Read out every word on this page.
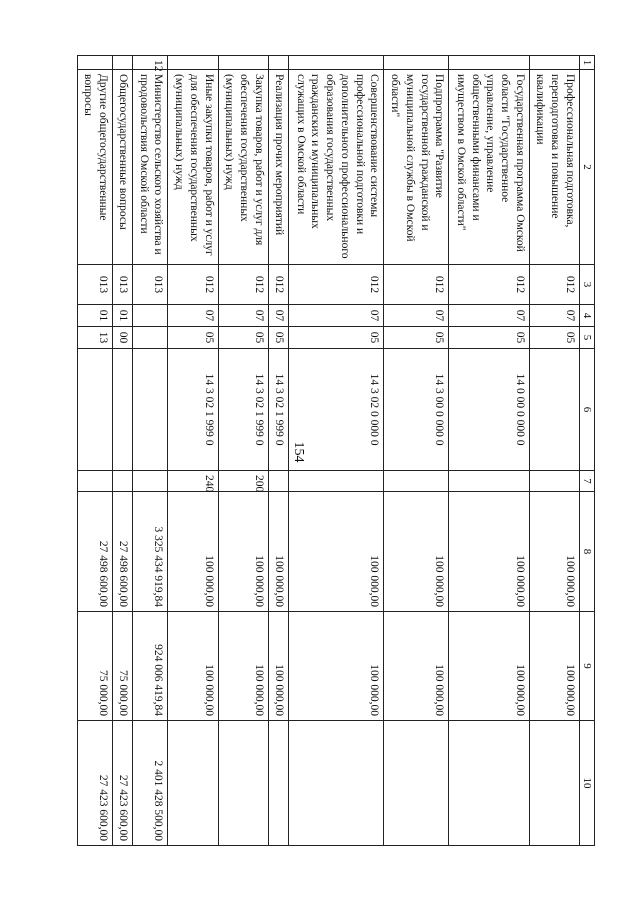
154
1	2	3	4	5	6	7	8	9	10
	Профессиональная подготовка, переподготовка и повышение квалификации	012	07	05			100 000,00	100 000,00	
	Государственная программа Омской области "Государственное управление, управление общественными финансами и имуществом в Омской области"	012	07	05	14 0 00 0 000 0		100 000,00	100 000,00	
	Подпрограмма "Развитие государственной гражданской и муниципальной службы в Омской области"	012	07	05	14 3 00 0 000 0		100 000,00	100 000,00	
	Совершенствование системы профессиональной подготовки и дополнительного профессионального образования государственных гражданских и муниципальных служащих в Омской области	012	07	05	14 3 02 0 000 0		100 000,00	100 000,00	
	Реализация прочих мероприятий	012	07	05	14 3 02 1 999 0		100 000,00	100 000,00	
	Закупка товаров, работ и услуг для обеспечения государственных (муниципальных) нужд	012	07	05	14 3 02 1 999 0	200	100 000,00	100 000,00	
	Иные закупки товаров, работ и услуг для обеспечения государственных (муниципальных) нужд	012	07	05	14 3 02 1 999 0	240	100 000,00	100 000,00	
12	Министерство сельского хозяйства и продовольствия Омской области	013					3 325 434 919,84	924 006 419,84	2 401 428 500,00
	Общегосударственные вопросы	013	01	00			27 498 600,00	75 000,00	27 423 600,00
	Другие общегосударственные вопросы	013	01	13			27 498 600,00	75 000,00	27 423 600,00
